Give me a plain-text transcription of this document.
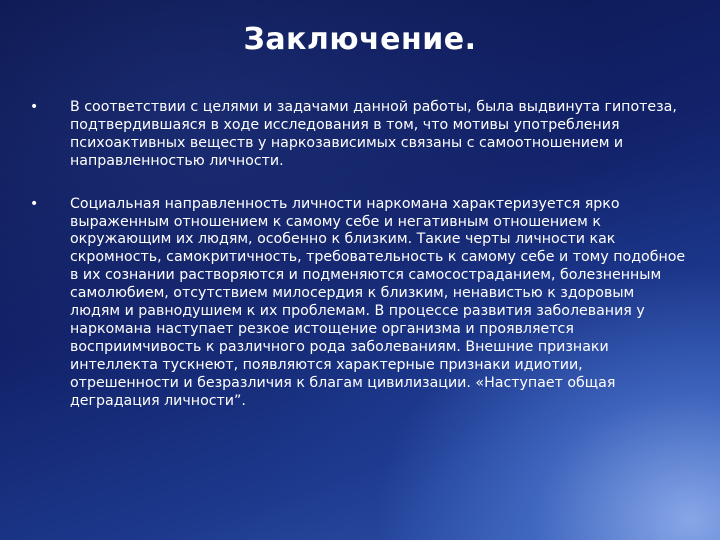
Заключение.
• В соответствии с целями и задачами данной работы, была выдвинута гипотеза, подтвердившаяся в ходе исследования в том, что мотивы употребления психоактивных веществ у наркозависимых связаны с самоотношением и направленностью личности.
• Социальная направленность личности наркомана характеризуется ярко выраженным отношением к самому себе и негативным отношением к окружающим их людям, особенно к близким. Такие черты личности как скромность, самокритичность, требовательность к самому себе и тому подобное в их сознании растворяются и подменяются самосостраданием, болезненным самолюбием, отсутствием милосердия к близким, ненавистью к здоровым людям и равнодушием к их проблемам. В процессе развития заболевания у наркомана наступает резкое истощение организма и проявляется восприимчивость к различного рода заболеваниям. Внешние признаки интеллекта тускнеют, появляются характерные признаки идиотии, отрешенности и безразличия к благам цивилизации. «Наступает общая деградация личности”.
